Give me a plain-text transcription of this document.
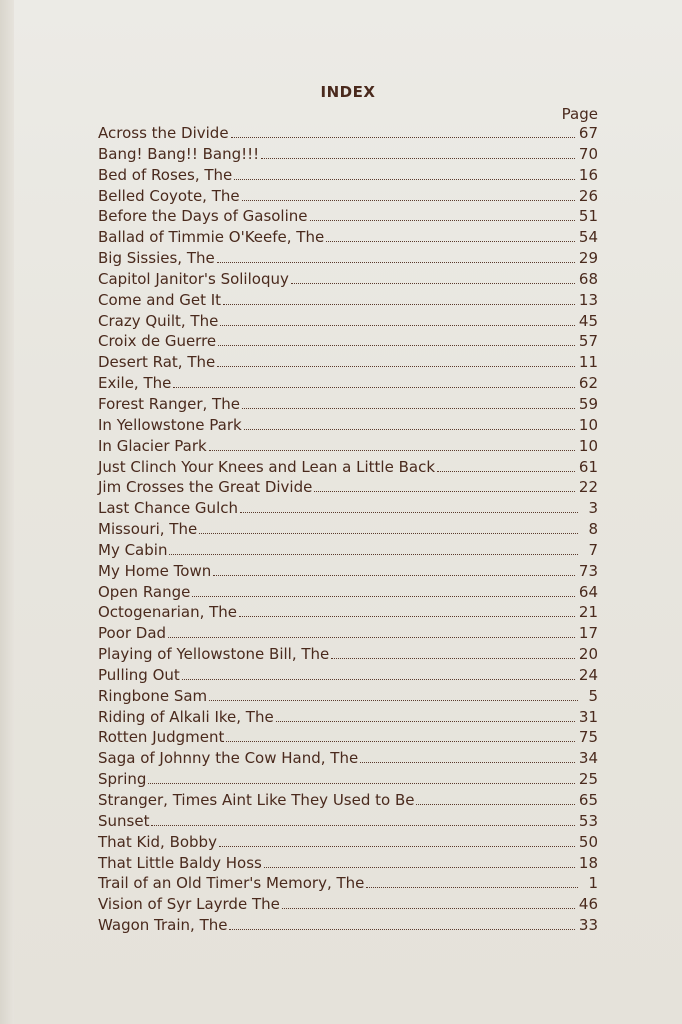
INDEX
Page
Across the Divide	67
Bang! Bang!! Bang!!!	70
Bed of Roses, The	16
Belled Coyote, The	26
Before the Days of Gasoline	51
Ballad of Timmie O'Keefe, The	54
Big Sissies, The	29
Capitol Janitor's Soliloquy	68
Come and Get It	13
Crazy Quilt, The	45
Croix de Guerre	57
Desert Rat, The	11
Exile, The	62
Forest Ranger, The	59
In Yellowstone Park	10
In Glacier Park	10
Just Clinch Your Knees and Lean a Little Back	61
Jim Crosses the Great Divide	22
Last Chance Gulch	3
Missouri, The	8
My Cabin	7
My Home Town	73
Open Range	64
Octogenarian, The	21
Poor Dad	17
Playing of Yellowstone Bill, The	20
Pulling Out	24
Ringbone Sam	5
Riding of Alkali Ike, The	31
Rotten Judgment	75
Saga of Johnny the Cow Hand, The	34
Spring	25
Stranger, Times Aint Like They Used to Be	65
Sunset	53
That Kid, Bobby	50
That Little Baldy Hoss	18
Trail of an Old Timer's Memory, The	1
Vision of Syr Layrde The	46
Wagon Train, The	33
